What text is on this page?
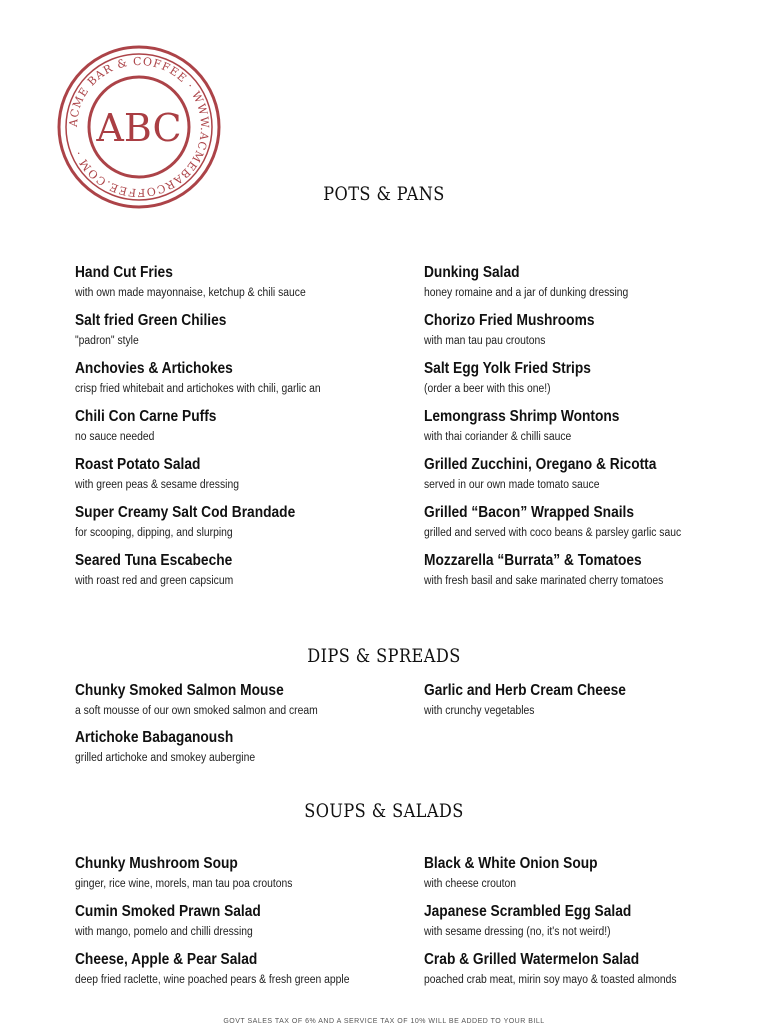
ACME BAR & COFFEE · WWW.ACMEBARCOFFEE.COM ·
ABC
POTS & PANS
Hand Cut Fries
with own made mayonnaise, ketchup & chili sauce
Salt fried Green Chilies
"padron" style
Anchovies & Artichokes
crisp fried whitebait and artichokes with chili, garlic an
Chili Con Carne Puffs
no sauce needed
Roast Potato Salad
with green peas & sesame dressing
Super Creamy Salt Cod Brandade
for scooping, dipping, and slurping
Seared Tuna Escabeche
with roast red and green capsicum
Dunking Salad
honey romaine and a jar of dunking dressing
Chorizo Fried Mushrooms
with man tau pau croutons
Salt Egg Yolk Fried Strips
(order a beer with this one!)
Lemongrass Shrimp Wontons
with thai coriander & chilli sauce
Grilled Zucchini, Oregano & Ricotta
served in our own made tomato sauce
Grilled “Bacon” Wrapped Snails
grilled and served with coco beans & parsley garlic sauc
Mozzarella “Burrata” & Tomatoes
with fresh basil and sake marinated cherry tomatoes
DIPS & SPREADS
Chunky Smoked Salmon Mouse
a soft mousse of our own smoked salmon and cream
Artichoke Babaganoush
grilled artichoke and smokey aubergine
Garlic and Herb Cream Cheese
with crunchy vegetables
SOUPS & SALADS
Chunky Mushroom Soup
ginger, rice wine, morels, man tau poa croutons
Cumin Smoked Prawn Salad
with mango, pomelo and chilli dressing
Cheese, Apple & Pear Salad
deep fried raclette, wine poached pears & fresh green apple
Black & White Onion Soup
with cheese crouton
Japanese Scrambled Egg Salad
with sesame dressing (no, it's not weird!)
Crab & Grilled Watermelon Salad
poached crab meat, mirin soy mayo & toasted almonds
GOVT SALES TAX OF 6% AND A SERVICE TAX OF 10% WILL BE ADDED TO YOUR BILL
